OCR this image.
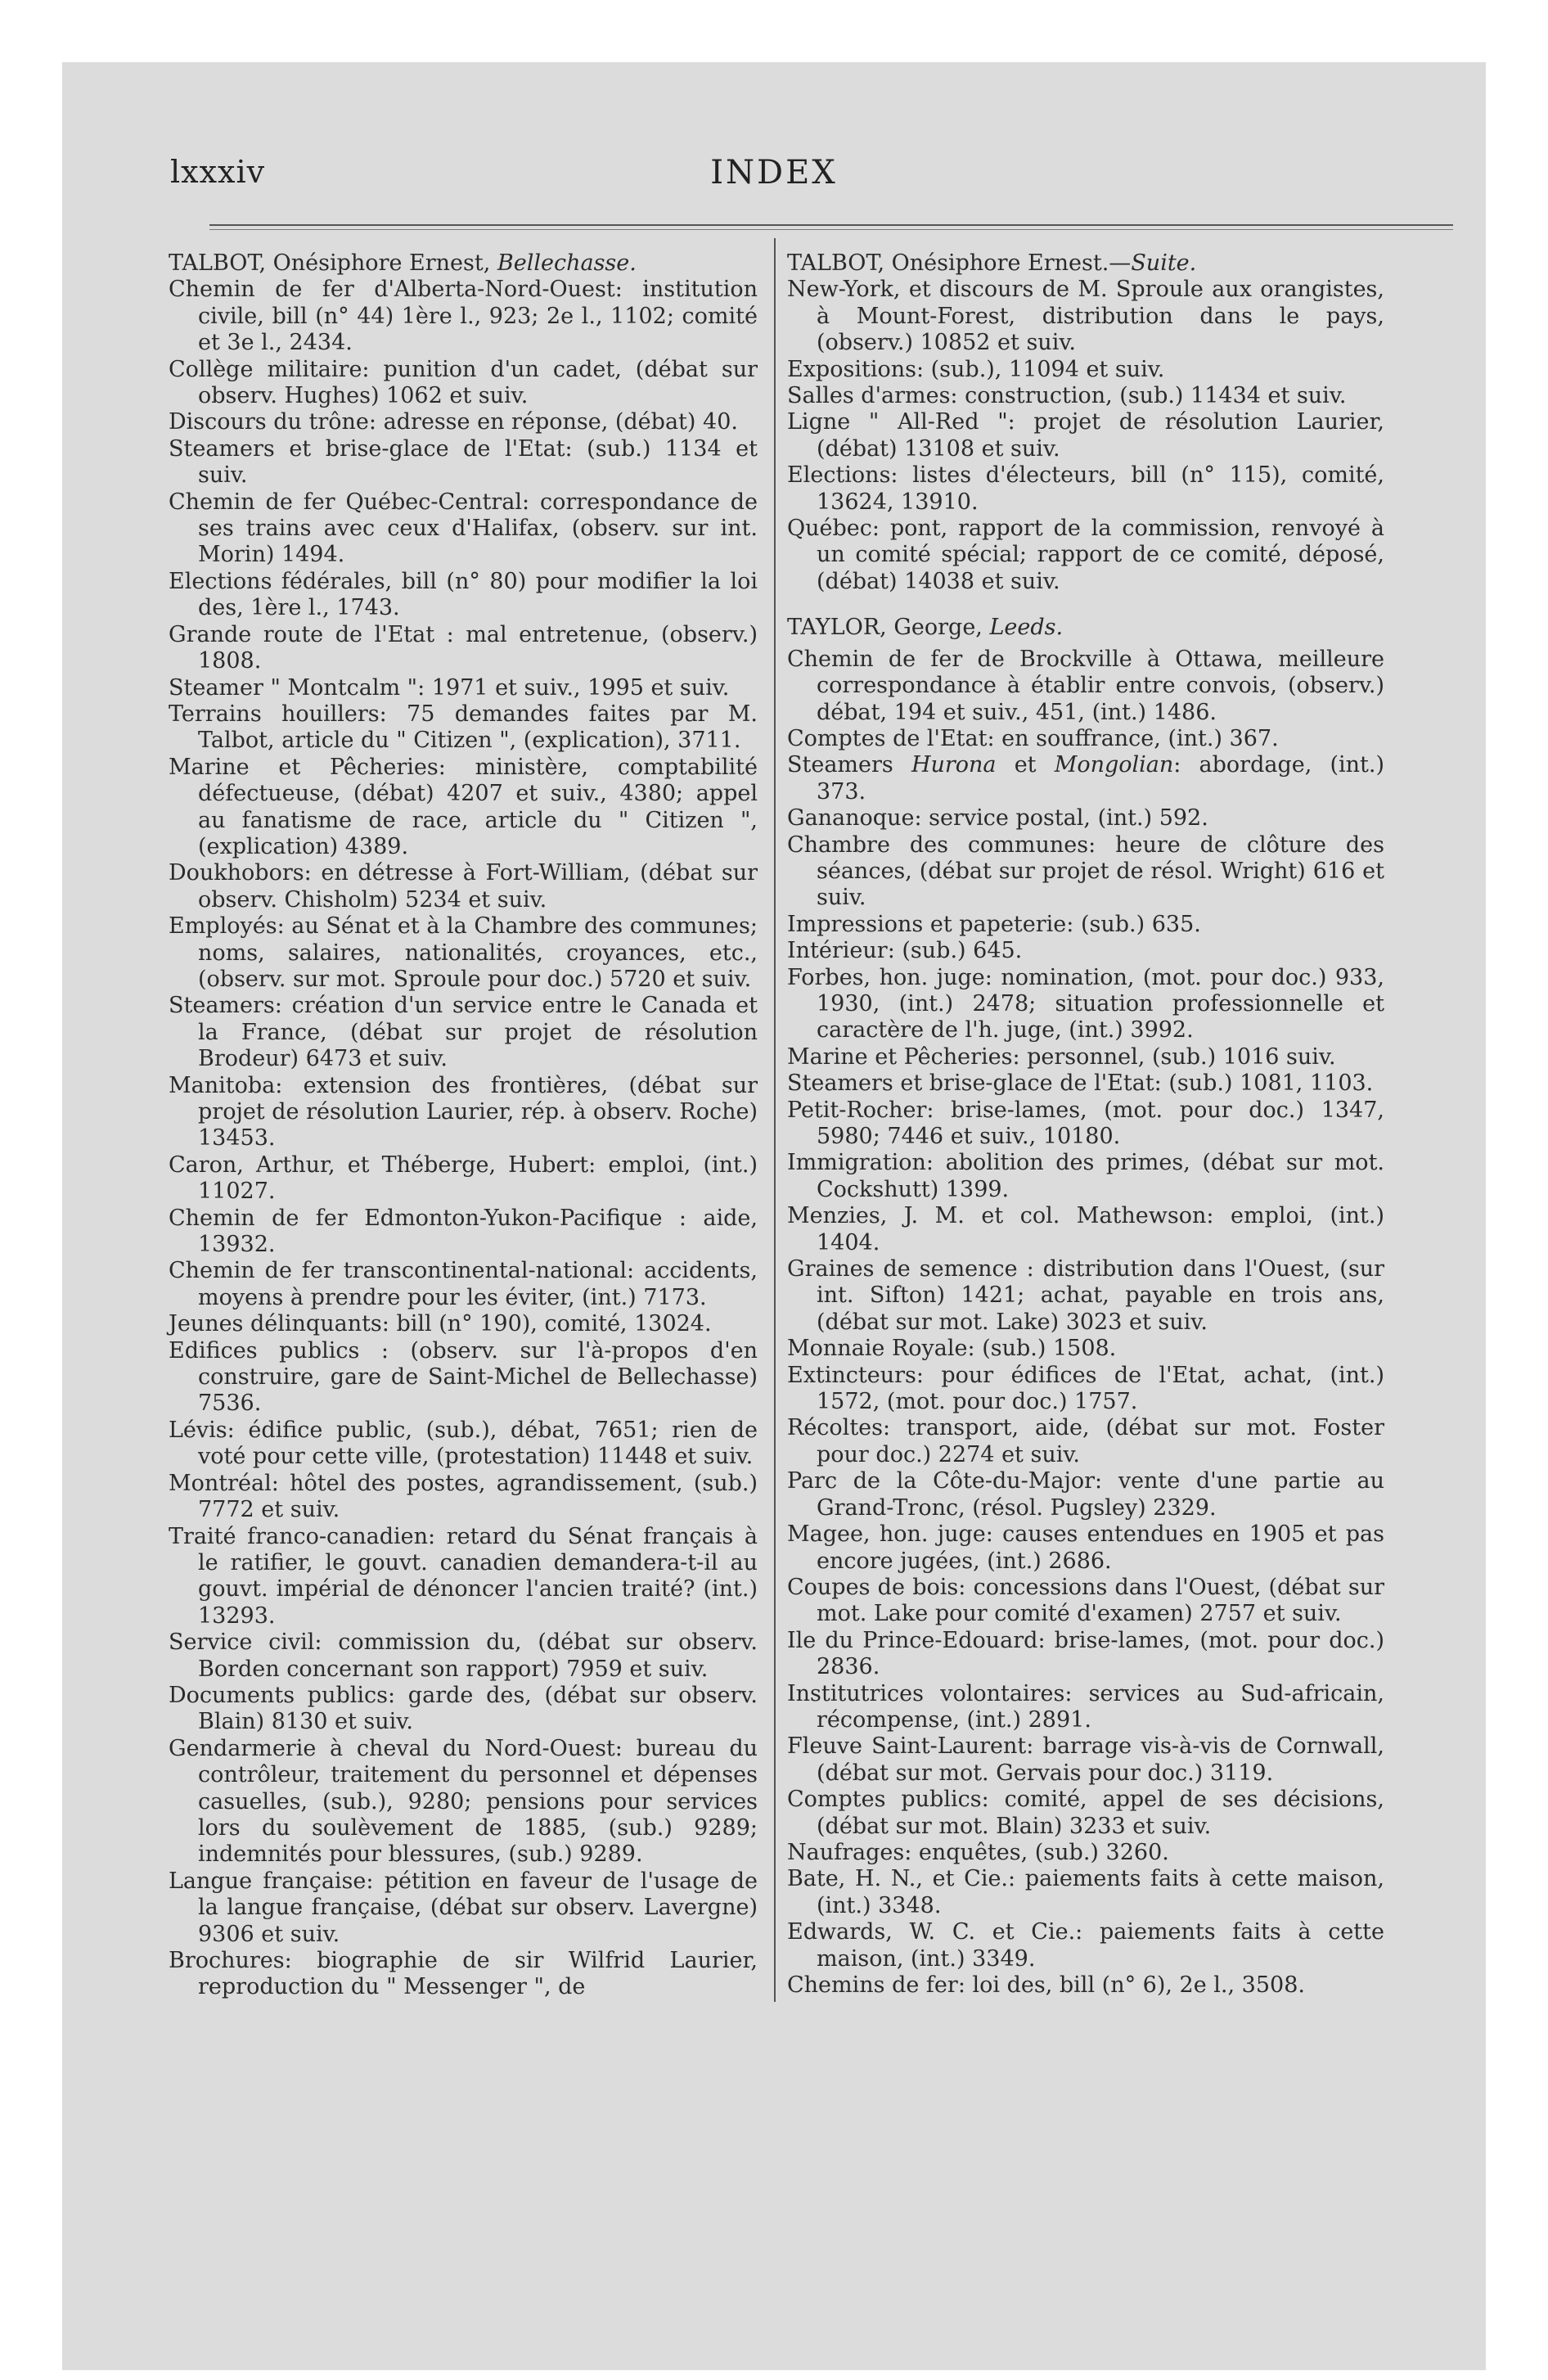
lxxxiv	INDEX

TALBOT, Onésiphore Ernest, Bellechasse.

Chemin de fer d'Alberta-Nord-Ouest: institution civile, bill (n° 44) 1ère l., 923; 2e l., 1102; comité et 3e l., 2434.

Collège militaire: punition d'un cadet, (débat sur observ. Hughes) 1062 et suiv.

Discours du trône: adresse en réponse, (débat) 40.

Steamers et brise-glace de l'Etat: (sub.) 1134 et suiv.

Chemin de fer Québec-Central: correspondance de ses trains avec ceux d'Halifax, (observ. sur int. Morin) 1494.

Elections fédérales, bill (n° 80) pour modifier la loi des, 1ère l., 1743.

Grande route de l'Etat : mal entretenue, (observ.) 1808.

Steamer " Montcalm ": 1971 et suiv., 1995 et suiv.

Terrains houillers: 75 demandes faites par M. Talbot, article du " Citizen ", (explication), 3711.

Marine et Pêcheries: ministère, comptabilité défectueuse, (débat) 4207 et suiv., 4380; appel au fanatisme de race, article du " Citizen ", (explication) 4389.

Doukhobors: en détresse à Fort-William, (débat sur observ. Chisholm) 5234 et suiv.

Employés: au Sénat et à la Chambre des communes; noms, salaires, nationalités, croyances, etc., (observ. sur mot. Sproule pour doc.) 5720 et suiv.

Steamers: création d'un service entre le Canada et la France, (débat sur projet de résolution Brodeur) 6473 et suiv.

Manitoba: extension des frontières, (débat sur projet de résolution Laurier, rép. à observ. Roche) 13453.

Caron, Arthur, et Théberge, Hubert: emploi, (int.) 11027.

Chemin de fer Edmonton-Yukon-Pacifique : aide, 13932.

Chemin de fer transcontinental-national: accidents, moyens à prendre pour les éviter, (int.) 7173.

Jeunes délinquants: bill (n° 190), comité, 13024.

Edifices publics : (observ. sur l'à-propos d'en construire, gare de Saint-Michel de Bellechasse) 7536.

Lévis: édifice public, (sub.), débat, 7651; rien de voté pour cette ville, (protestation) 11448 et suiv.

Montréal: hôtel des postes, agrandissement, (sub.) 7772 et suiv.

Traité franco-canadien: retard du Sénat français à le ratifier, le gouvt. canadien demandera-t-il au gouvt. impérial de dénoncer l'ancien traité? (int.) 13293.

Service civil: commission du, (débat sur observ. Borden concernant son rapport) 7959 et suiv.

Documents publics: garde des, (débat sur observ. Blain) 8130 et suiv.

Gendarmerie à cheval du Nord-Ouest: bureau du contrôleur, traitement du personnel et dépenses casuelles, (sub.), 9280; pensions pour services lors du soulèvement de 1885, (sub.) 9289; indemnités pour blessures, (sub.) 9289.

Langue française: pétition en faveur de l'usage de la langue française, (débat sur observ. Lavergne) 9306 et suiv.

Brochures: biographie de sir Wilfrid Laurier, reproduction du " Messenger ", de

TALBOT, Onésiphore Ernest.—Suite.

New-York, et discours de M. Sproule aux orangistes, à Mount-Forest, distribution dans le pays, (observ.) 10852 et suiv.

Expositions: (sub.), 11094 et suiv.

Salles d'armes: construction, (sub.) 11434 et suiv.

Ligne " All-Red ": projet de résolution Laurier, (débat) 13108 et suiv.

Elections: listes d'électeurs, bill (n° 115), comité, 13624, 13910.

Québec: pont, rapport de la commission, renvoyé à un comité spécial; rapport de ce comité, déposé, (débat) 14038 et suiv.

TAYLOR, George, Leeds.

Chemin de fer de Brockville à Ottawa, meilleure correspondance à établir entre convois, (observ.) débat, 194 et suiv., 451, (int.) 1486.

Comptes de l'Etat: en souffrance, (int.) 367.

Steamers Hurona et Mongolian: abordage, (int.) 373.

Gananoque: service postal, (int.) 592.

Chambre des communes: heure de clôture des séances, (débat sur projet de résol. Wright) 616 et suiv.

Impressions et papeterie: (sub.) 635.

Intérieur: (sub.) 645.

Forbes, hon. juge: nomination, (mot. pour doc.) 933, 1930, (int.) 2478; situation professionnelle et caractère de l'h. juge, (int.) 3992.

Marine et Pêcheries: personnel, (sub.) 1016 suiv.

Steamers et brise-glace de l'Etat: (sub.) 1081, 1103.

Petit-Rocher: brise-lames, (mot. pour doc.) 1347, 5980; 7446 et suiv., 10180.

Immigration: abolition des primes, (débat sur mot. Cockshutt) 1399.

Menzies, J. M. et col. Mathewson: emploi, (int.) 1404.

Graines de semence : distribution dans l'Ouest, (sur int. Sifton) 1421; achat, payable en trois ans, (débat sur mot. Lake) 3023 et suiv.

Monnaie Royale: (sub.) 1508.

Extincteurs: pour édifices de l'Etat, achat, (int.) 1572, (mot. pour doc.) 1757.

Récoltes: transport, aide, (débat sur mot. Foster pour doc.) 2274 et suiv.

Parc de la Côte-du-Major: vente d'une partie au Grand-Tronc, (résol. Pugsley) 2329.

Magee, hon. juge: causes entendues en 1905 et pas encore jugées, (int.) 2686.

Coupes de bois: concessions dans l'Ouest, (débat sur mot. Lake pour comité d'examen) 2757 et suiv.

Ile du Prince-Edouard: brise-lames, (mot. pour doc.) 2836.

Institutrices volontaires: services au Sud-africain, récompense, (int.) 2891.

Fleuve Saint-Laurent: barrage vis-à-vis de Cornwall, (débat sur mot. Gervais pour doc.) 3119.

Comptes publics: comité, appel de ses décisions, (débat sur mot. Blain) 3233 et suiv.

Naufrages: enquêtes, (sub.) 3260.

Bate, H. N., et Cie.: paiements faits à cette maison, (int.) 3348.

Edwards, W. C. et Cie.: paiements faits à cette maison, (int.) 3349.

Chemins de fer: loi des, bill (n° 6), 2e l., 3508.
